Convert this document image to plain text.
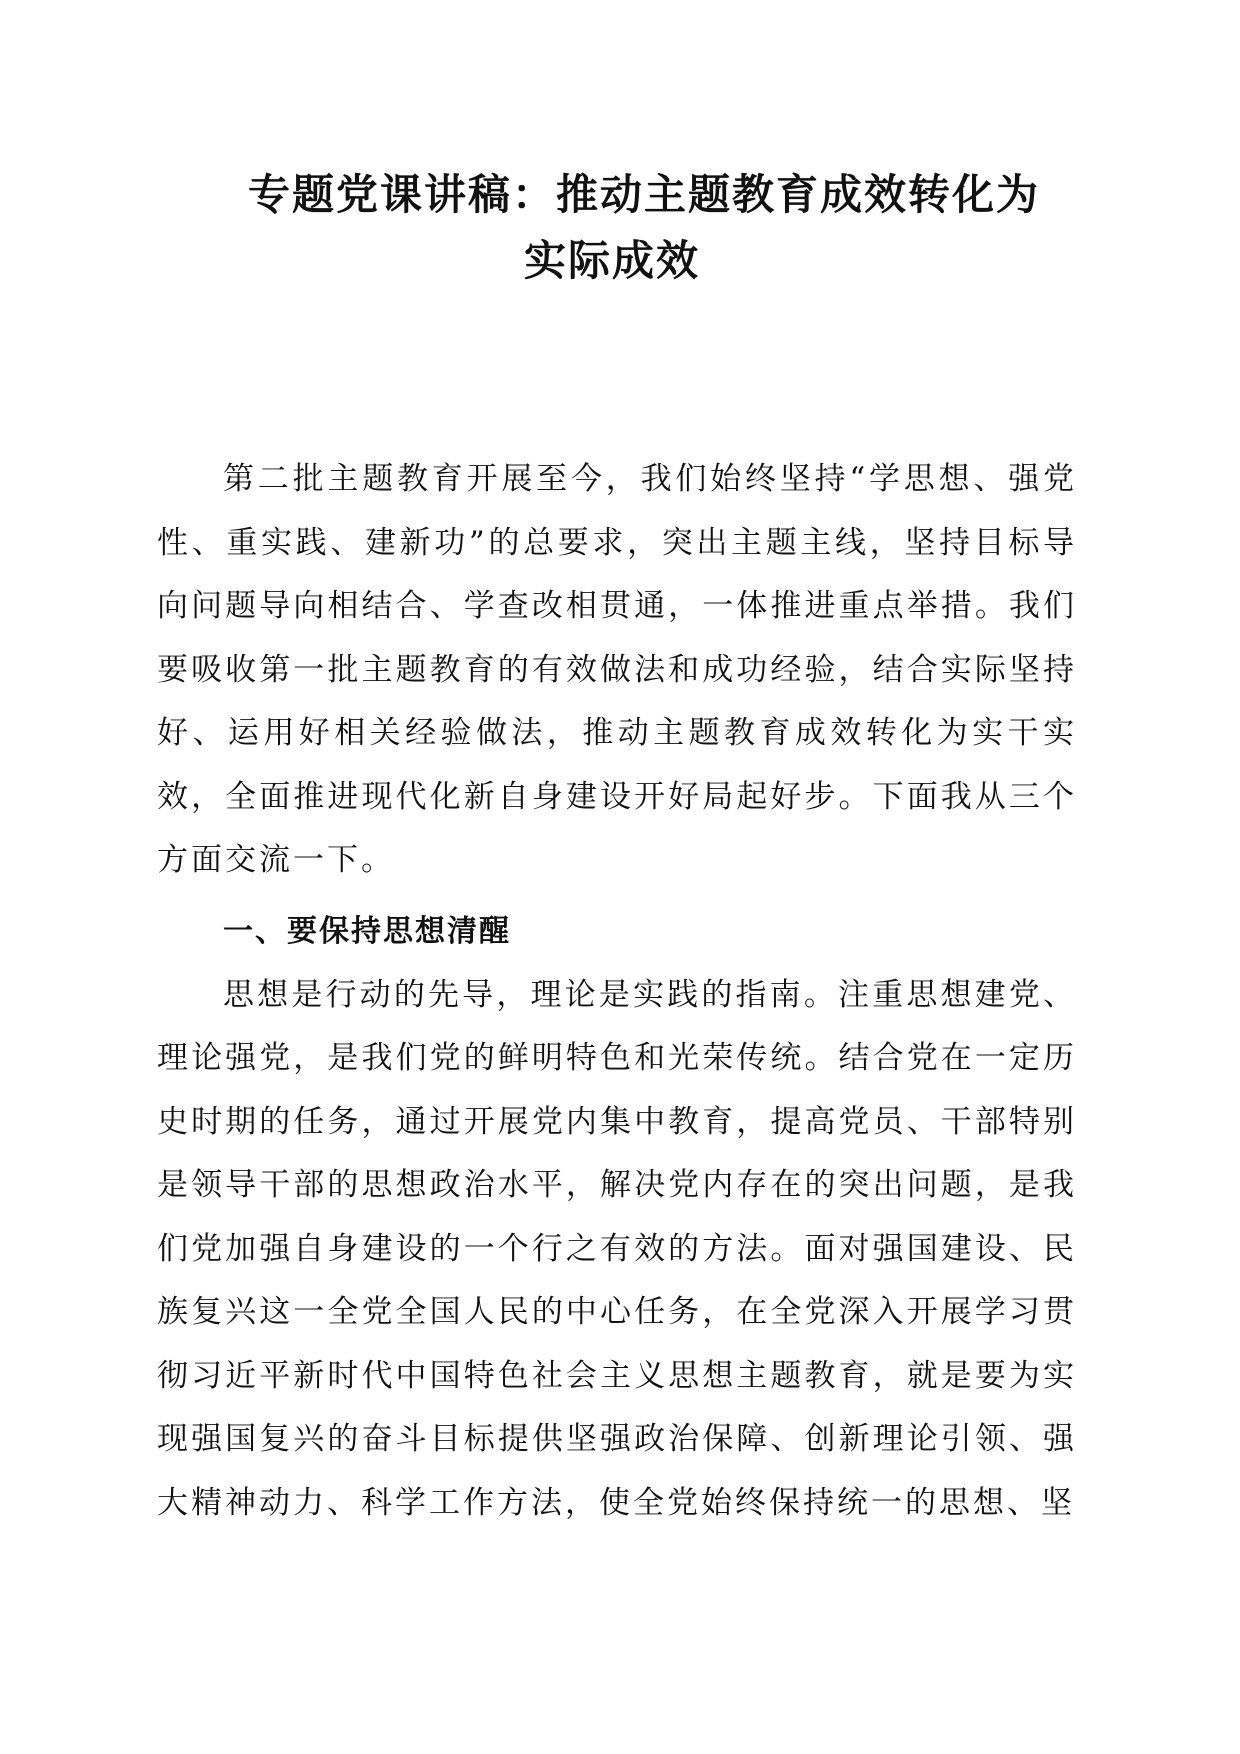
专题党课讲稿：推动主题教育成效转化为
实际成效

第二批主题教育开展至今，我们始终坚持“学思想、强党性、重实践、建新功”的总要求，突出主题主线，坚持目标导向问题导向相结合、学查改相贯通，一体推进重点举措。我们要吸收第一批主题教育的有效做法和成功经验，结合实际坚持好、运用好相关经验做法，推动主题教育成效转化为实干实效，全面推进现代化新自身建设开好局起好步。下面我从三个方面交流一下。

一、要保持思想清醒

思想是行动的先导，理论是实践的指南。注重思想建党、理论强党，是我们党的鲜明特色和光荣传统。结合党在一定历史时期的任务，通过开展党内集中教育，提高党员、干部特别是领导干部的思想政治水平，解决党内存在的突出问题，是我们党加强自身建设的一个行之有效的方法。面对强国建设、民族复兴这一全党全国人民的中心任务，在全党深入开展学习贯彻习近平新时代中国特色社会主义思想主题教育，就是要为实现强国复兴的奋斗目标提供坚强政治保障、创新理论引领、强大精神动力、科学工作方法，使全党始终保持统一的思想、坚
